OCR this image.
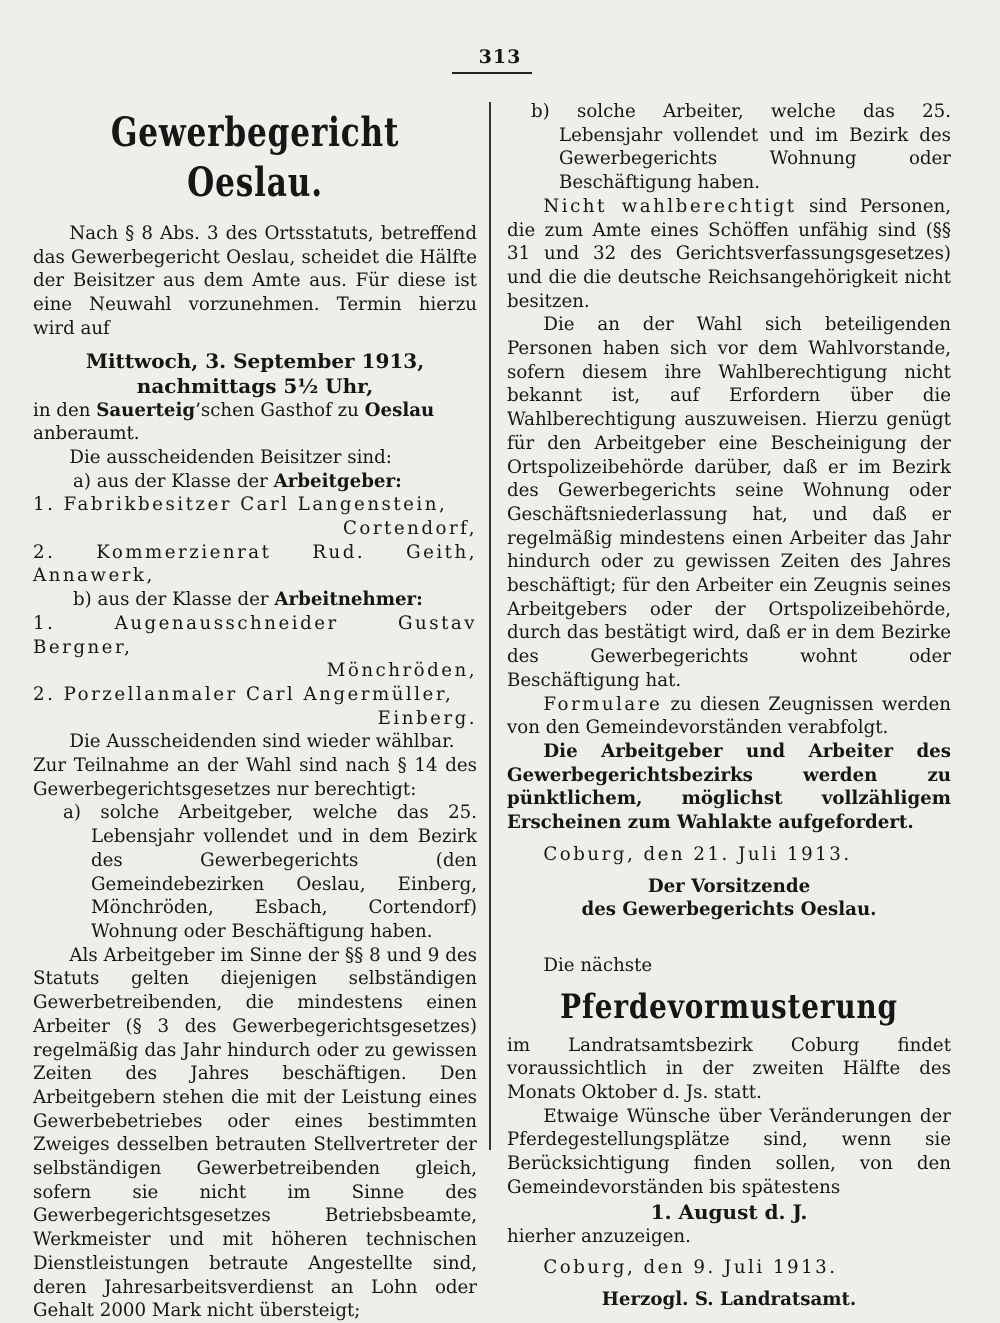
313

Gewerbegericht Oeslau.

Nach § 8 Abs. 3 des Ortsstatuts, betreffend das Gewerbegericht Oeslau, scheidet die Hälfte der Beisitzer aus dem Amte aus. Für diese ist eine Neuwahl vorzunehmen. Termin hierzu wird auf

Mittwoch, 3. September 1913,

nachmittags 5½ Uhr,

in den Sauerteig’schen Gasthof zu Oeslau

anberaumt.

Die ausscheidenden Beisitzer sind:

a) aus der Klasse der Arbeitgeber:

1. Fabrikbesitzer Carl Langenstein,

Cortendorf,

2. Kommerzienrat Rud. Geith, Annawerk,

b) aus der Klasse der Arbeitnehmer:

1. Augenausschneider Gustav Bergner,

Mönchröden,

2. Porzellanmaler Carl Angermüller,

Einberg.

Die Ausscheidenden sind wieder wählbar.

Zur Teilnahme an der Wahl sind nach § 14 des Gewerbegerichtsgesetzes nur berechtigt:

a) solche Arbeitgeber, welche das 25. Lebensjahr vollendet und in dem Bezirk des Gewerbegerichts (den Gemeindebezirken Oeslau, Einberg, Mönchröden, Esbach, Cortendorf) Wohnung oder Beschäftigung haben.

Als Arbeitgeber im Sinne der §§ 8 und 9 des Statuts gelten diejenigen selbständigen Gewerbetreibenden, die mindestens einen Arbeiter (§ 3 des Gewerbegerichtsgesetzes) regelmäßig das Jahr hindurch oder zu gewissen Zeiten des Jahres beschäftigen. Den Arbeitgebern stehen die mit der Leistung eines Gewerbebetriebes oder eines bestimmten Zweiges desselben betrauten Stellvertreter der selbständigen Gewerbetreibenden gleich, sofern sie nicht im Sinne des Gewerbegerichtsgesetzes Betriebsbeamte, Werkmeister und mit höheren technischen Dienstleistungen betraute Angestellte sind, deren Jahresarbeitsverdienst an Lohn oder Gehalt 2000 Mark nicht übersteigt;

b) solche Arbeiter, welche das 25. Lebensjahr vollendet und im Bezirk des Gewerbegerichts Wohnung oder Beschäftigung haben.

Nicht wahlberechtigt sind Personen, die zum Amte eines Schöffen unfähig sind (§§ 31 und 32 des Gerichtsverfassungsgesetzes) und die die deutsche Reichsangehörigkeit nicht besitzen.

Die an der Wahl sich beteiligenden Personen haben sich vor dem Wahlvorstande, sofern diesem ihre Wahlberechtigung nicht bekannt ist, auf Erfordern über die Wahlberechtigung auszuweisen. Hierzu genügt für den Arbeitgeber eine Bescheinigung der Ortspolizeibehörde darüber, daß er im Bezirk des Gewerbegerichts seine Wohnung oder Geschäftsniederlassung hat, und daß er regelmäßig mindestens einen Arbeiter das Jahr hindurch oder zu gewissen Zeiten des Jahres beschäftigt; für den Arbeiter ein Zeugnis seines Arbeitgebers oder der Ortspolizeibehörde, durch das bestätigt wird, daß er in dem Bezirke des Gewerbegerichts wohnt oder Beschäftigung hat.

Formulare zu diesen Zeugnissen werden von den Gemeindevorständen verabfolgt.

Die Arbeitgeber und Arbeiter des Gewerbegerichtsbezirks werden zu pünktlichem, möglichst vollzähligem Erscheinen zum Wahlakte aufgefordert.

Coburg, den 21. Juli 1913.

Der Vorsitzende

des Gewerbegerichts Oeslau.

Die nächste

Pferdevormusterung

im Landratsamtsbezirk Coburg findet voraussichtlich in der zweiten Hälfte des Monats Oktober d. Js. statt.

Etwaige Wünsche über Veränderungen der Pferdegestellungsplätze sind, wenn sie Berücksichtigung finden sollen, von den Gemeindevorständen bis spätestens

1. August d. J.

hierher anzuzeigen.

Coburg, den 9. Juli 1913.

Herzogl. S. Landratsamt.
